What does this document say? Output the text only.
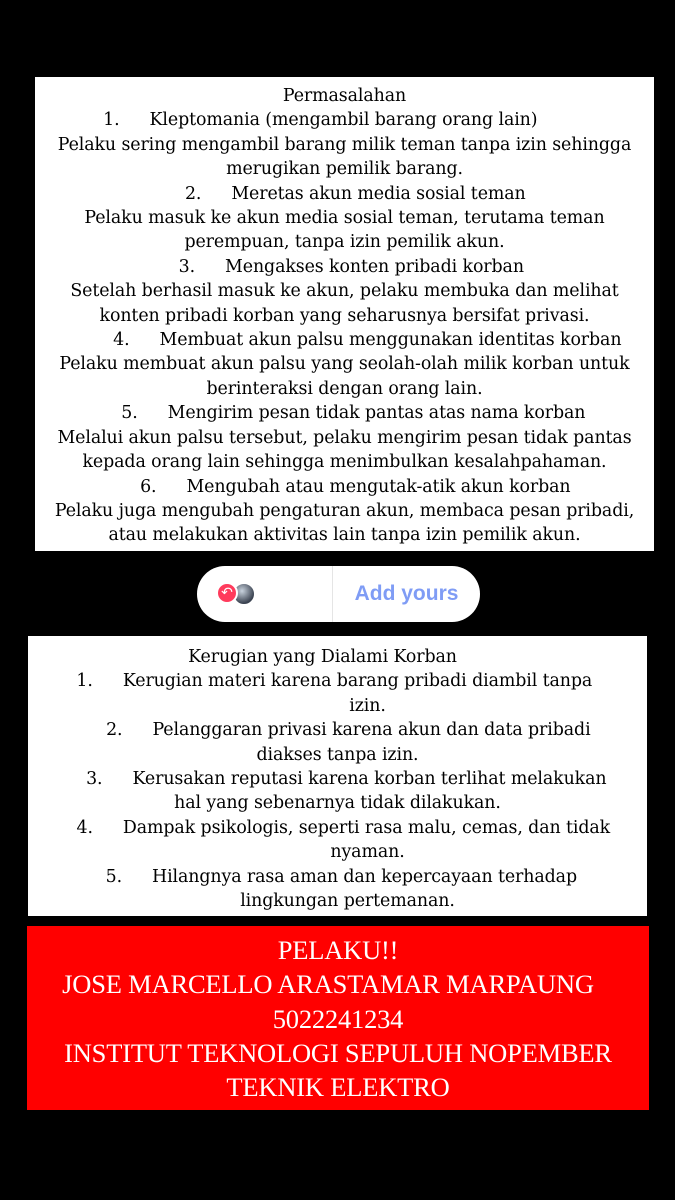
Permasalahan
1. Kleptomania (mengambil barang orang lain)
Pelaku sering mengambil barang milik teman tanpa izin sehingga
merugikan pemilik barang.
2. Meretas akun media sosial teman
Pelaku masuk ke akun media sosial teman, terutama teman
perempuan, tanpa izin pemilik akun.
3. Mengakses konten pribadi korban
Setelah berhasil masuk ke akun, pelaku membuka dan melihat
konten pribadi korban yang seharusnya bersifat privasi.
4. Membuat akun palsu menggunakan identitas korban
Pelaku membuat akun palsu yang seolah-olah milik korban untuk
berinteraksi dengan orang lain.
5. Mengirim pesan tidak pantas atas nama korban
Melalui akun palsu tersebut, pelaku mengirim pesan tidak pantas
kepada orang lain sehingga menimbulkan kesalahpahaman.
6. Mengubah atau mengutak-atik akun korban
Pelaku juga mengubah pengaturan akun, membaca pesan pribadi,
atau melakukan aktivitas lain tanpa izin pemilik akun.
↶	Add yours
Kerugian yang Dialami Korban
1. Kerugian materi karena barang pribadi diambil tanpa
izin.
2. Pelanggaran privasi karena akun dan data pribadi
diakses tanpa izin.
3. Kerusakan reputasi karena korban terlihat melakukan
hal yang sebenarnya tidak dilakukan.
4. Dampak psikologis, seperti rasa malu, cemas, dan tidak
nyaman.
5. Hilangnya rasa aman dan kepercayaan terhadap
lingkungan pertemanan.
PELAKU!!
JOSE MARCELLO ARASTAMAR MARPAUNG
5022241234
INSTITUT TEKNOLOGI SEPULUH NOPEMBER
TEKNIK ELEKTRO
